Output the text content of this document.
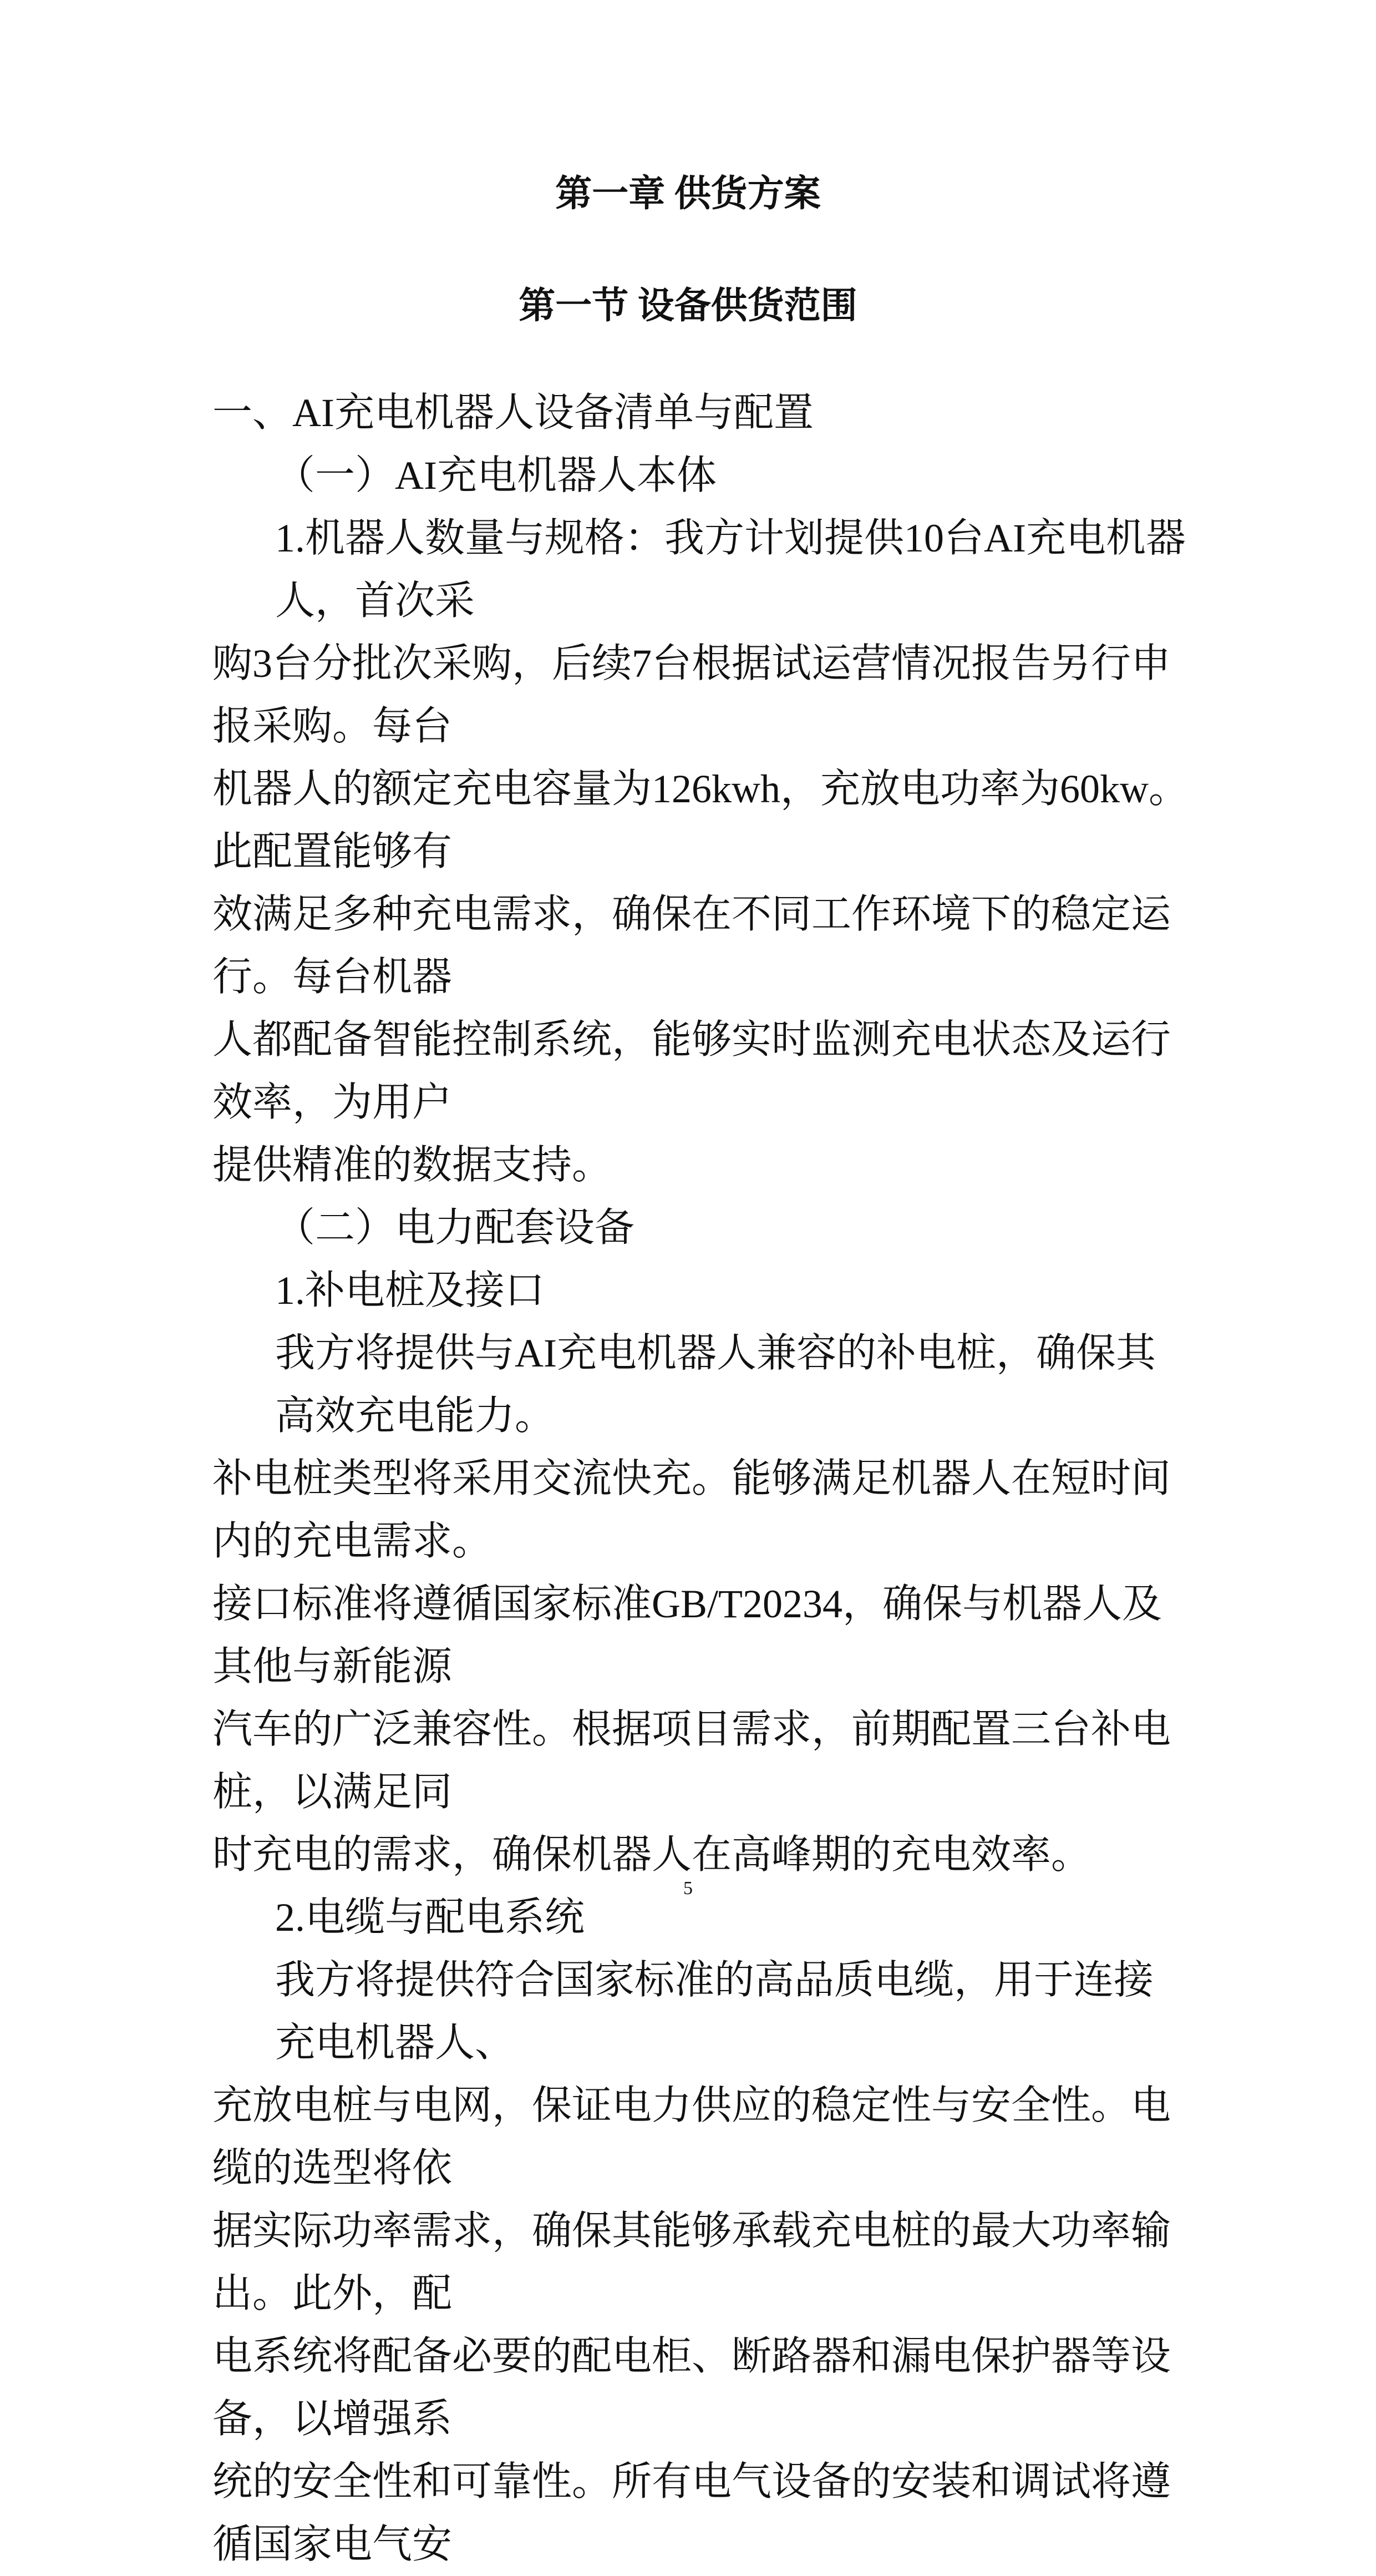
第一章 供货方案
第一节 设备供货范围
一、AI充电机器人设备清单与配置
（一）AI充电机器人本体
1.机器人数量与规格：我方计划提供10台AI充电机器人，首次采
购3台分批次采购，后续7台根据试运营情况报告另行申报采购。每台
机器人的额定充电容量为126kwh，充放电功率为60kw。此配置能够有
效满足多种充电需求，确保在不同工作环境下的稳定运行。每台机器
人都配备智能控制系统，能够实时监测充电状态及运行效率，为用户
提供精准的数据支持。
（二）电力配套设备
1.补电桩及接口
我方将提供与AI充电机器人兼容的补电桩，确保其高效充电能力。
补电桩类型将采用交流快充。能够满足机器人在短时间内的充电需求。
接口标准将遵循国家标准GB/T20234，确保与机器人及其他与新能源
汽车的广泛兼容性。根据项目需求，前期配置三台补电桩，以满足同
时充电的需求，确保机器人在高峰期的充电效率。
2.电缆与配电系统
我方将提供符合国家标准的高品质电缆，用于连接充电机器人、
充放电桩与电网，保证电力供应的稳定性与安全性。电缆的选型将依
据实际功率需求，确保其能够承载充电桩的最大功率输出。此外，配
电系统将配备必要的配电柜、断路器和漏电保护器等设备，以增强系
统的安全性和可靠性。所有电气设备的安装和调试将遵循国家电气安
5
